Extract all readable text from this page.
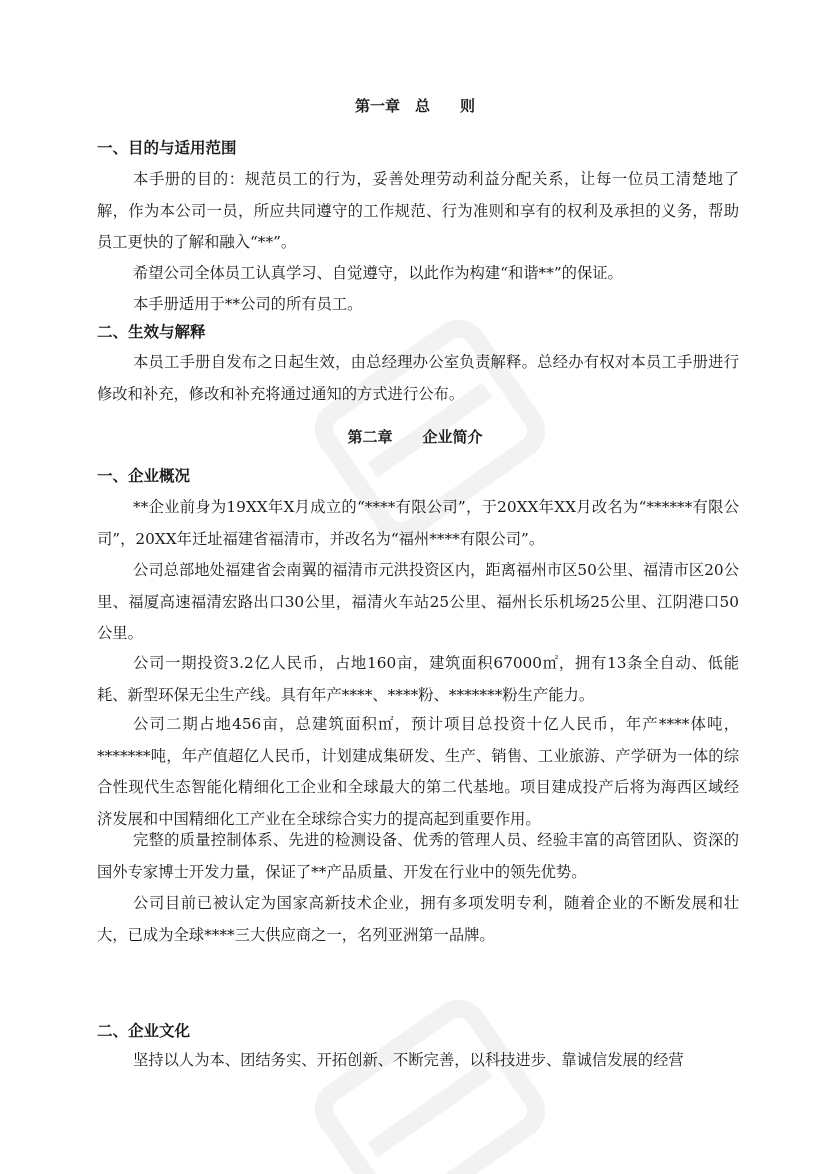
第一章　总　　则
一、目的与适用范围

本手册的目的：规范员工的行为，妥善处理劳动利益分配关系，让每一位员工清楚地了解，作为本公司一员，所应共同遵守的工作规范、行为准则和享有的权利及承担的义务，帮助员工更快的了解和融入“**”。

希望公司全体员工认真学习、自觉遵守，以此作为构建“和谐**”的保证。

本手册适用于**公司的所有员工。

二、生效与解释

本员工手册自发布之日起生效，由总经理办公室负责解释。总经办有权对本员工手册进行修改和补充，修改和补充将通过通知的方式进行公布。

第二章　　企业简介
一、企业概况

**企业前身为19XX年X月成立的“****有限公司”，于20XX年XX月改名为“******有限公司”，20XX年迁址福建省福清市，并改名为“福州****有限公司”。

公司总部地处福建省会南翼的福清市元洪投资区内，距离福州市区50公里、福清市区20公里、福厦高速福清宏路出口30公里，福清火车站25公里、福州长乐机场25公里、江阴港口50公里。

公司一期投资3.2亿人民币，占地160亩，建筑面积67000㎡，拥有13条全自动、低能耗、新型环保无尘生产线。具有年产****、****粉、*******粉生产能力。

公司二期占地456亩，总建筑面积㎡，预计项目总投资十亿人民币，年产****体吨，*******吨，年产值超亿人民币，计划建成集研发、生产、销售、工业旅游、产学研为一体的综合性现代生态智能化精细化工企业和全球最大的第二代基地。项目建成投产后将为海西区域经济发展和中国精细化工产业在全球综合实力的提高起到重要作用。

完整的质量控制体系、先进的检测设备、优秀的管理人员、经验丰富的高管团队、资深的国外专家博士开发力量，保证了**产品质量、开发在行业中的领先优势。

公司目前已被认定为国家高新技术企业，拥有多项发明专利，随着企业的不断发展和壮大，已成为全球****三大供应商之一，名列亚洲第一品牌。

二、企业文化

坚持以人为本、团结务实、开拓创新、不断完善，以科技进步、靠诚信发展的经营
